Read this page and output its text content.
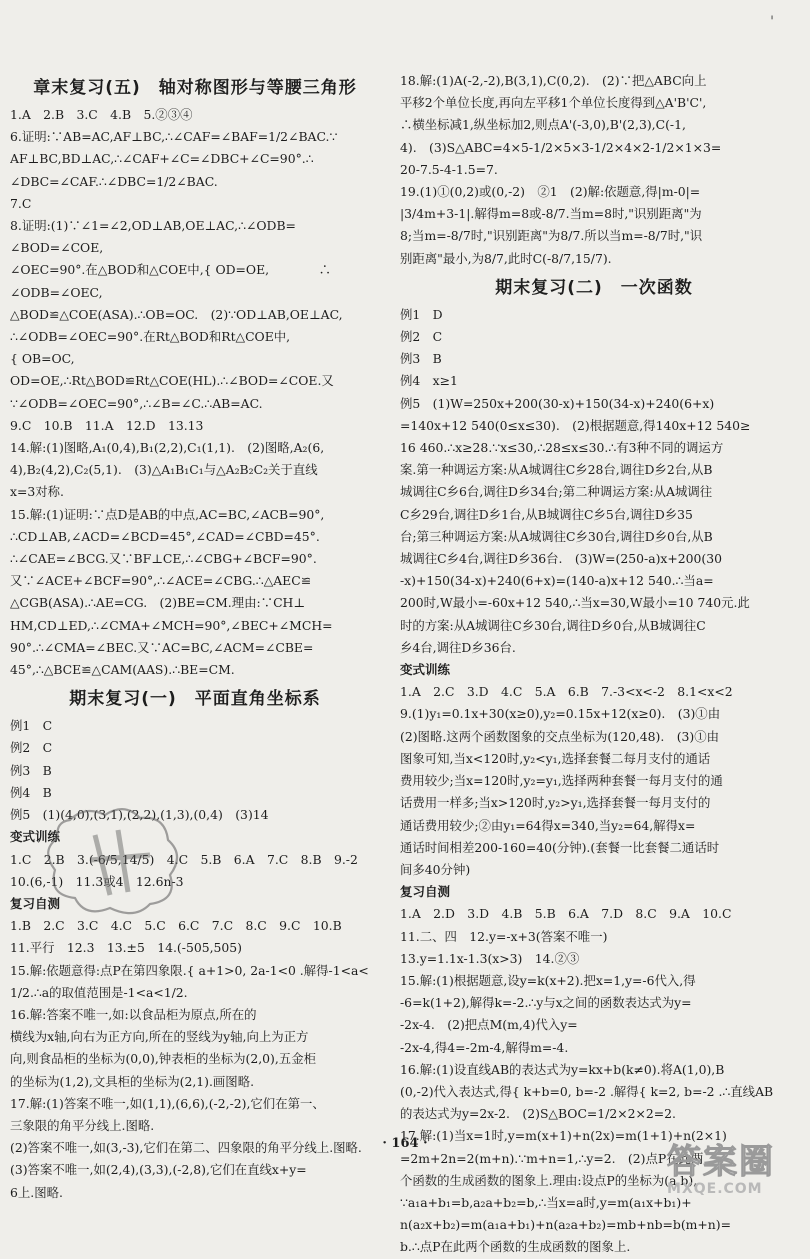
'
章末复习(五)　轴对称图形与等腰三角形
1.A　2.B　3.C　4.B　5.②③④
6.证明:∵AB=AC,AF⊥BC,∴∠CAF=∠BAF=1/2∠BAC.∵
AF⊥BC,BD⊥AC,∴∠CAF+∠C=∠DBC+∠C=90°.∴
∠DBC=∠CAF.∴∠DBC=1/2∠BAC.
7.C
8.证明:(1)∵∠1=∠2,OD⊥AB,OE⊥AC,∴∠ODB=
∠BOD=∠COE,
∠OEC=90°.在△BOD和△COE中,{ OD=OE,　　　　∴
∠ODB=∠OEC,
△BOD≌△COE(ASA).∴OB=OC.　(2)∵OD⊥AB,OE⊥AC,
∴∠ODB=∠OEC=90°.在Rt△BOD和Rt△COE中,
{ OB=OC,
OD=OE,∴Rt△BOD≌Rt△COE(HL).∴∠BOD=∠COE.又
∵∠ODB=∠OEC=90°,∴∠B=∠C.∴AB=AC.
9.C　10.B　11.A　12.D　13.13
14.解:(1)图略,A₁(0,4),B₁(2,2),C₁(1,1).　(2)图略,A₂(6,
4),B₂(4,2),C₂(5,1).　(3)△A₁B₁C₁与△A₂B₂C₂关于直线
x=3对称.
15.解:(1)证明:∵点D是AB的中点,AC=BC,∠ACB=90°,
∴CD⊥AB,∠ACD=∠BCD=45°,∠CAD=∠CBD=45°.
∴∠CAE=∠BCG.又∵BF⊥CE,∴∠CBG+∠BCF=90°.
又∵∠ACE+∠BCF=90°,∴∠ACE=∠CBG.∴△AEC≌
△CGB(ASA).∴AE=CG.　(2)BE=CM.理由:∵CH⊥
HM,CD⊥ED,∴∠CMA+∠MCH=90°,∠BEC+∠MCH=
90°.∴∠CMA=∠BEC.又∵AC=BC,∠ACM=∠CBE=
45°,∴△BCE≌△CAM(AAS).∴BE=CM.
期末复习(一)　平面直角坐标系
例1　C
例2　C
例3　B
例4　B
例5　(1)(4,0),(3,1),(2,2),(1,3),(0,4)　(3)14
变式训练
1.C　2.B　3.(-6/5,14/5)　4.C　5.B　6.A　7.C　8.B　9.-2
10.(6,-1)　11.3或4　12.6n-3
复习自测
1.B　2.C　3.C　4.C　5.C　6.C　7.C　8.C　9.C　10.B
11.平行　12.3　13.±5　14.(-505,505)
15.解:依题意得:点P在第四象限.{ a+1>0, 2a-1<0 .解得-1<a<
1/2.∴a的取值范围是-1<a<1/2.
16.解:答案不唯一,如:以食品柜为原点,所在的
横线为x轴,向右为正方向,所在的竖线为y轴,向上为正方
向,则食品柜的坐标为(0,0),钟表柜的坐标为(2,0),五金柜
的坐标为(1,2),文具柜的坐标为(2,1).画图略.
17.解:(1)答案不唯一,如(1,1),(6,6),(-2,-2),它们在第一、
三象限的角平分线上.图略.
(2)答案不唯一,如(3,-3),它们在第二、四象限的角平分线上.图略.
(3)答案不唯一,如(2,4),(3,3),(-2,8),它们在直线x+y=
6上.图略.
18.解:(1)A(-2,-2),B(3,1),C(0,2).　(2)∵把△ABC向上
平移2个单位长度,再向左平移1个单位长度得到△A'B'C',
∴横坐标减1,纵坐标加2,则点A'(-3,0),B'(2,3),C(-1,
4).　(3)S△ABC=4×5-1/2×5×3-1/2×4×2-1/2×1×3=
20-7.5-4-1.5=7.
19.(1)①(0,2)或(0,-2)　②1　(2)解:依题意,得|m-0|=
|3/4m+3-1|.解得m=8或-8/7.当m=8时,"识别距离"为
8;当m=-8/7时,"识别距离"为8/7.所以当m=-8/7时,"识
别距离"最小,为8/7,此时C(-8/7,15/7).
期末复习(二)　一次函数
例1　D
例2　C
例3　B
例4　x≥1
例5　(1)W=250x+200(30-x)+150(34-x)+240(6+x)
=140x+12 540(0≤x≤30).　(2)根据题意,得140x+12 540≥
16 460.∴x≥28.∵x≤30,∴28≤x≤30.∴有3种不同的调运方
案.第一种调运方案:从A城调往C乡28台,调往D乡2台,从B
城调往C乡6台,调往D乡34台;第二种调运方案:从A城调往
C乡29台,调往D乡1台,从B城调往C乡5台,调往D乡35
台;第三种调运方案:从A城调往C乡30台,调往D乡0台,从B
城调往C乡4台,调往D乡36台.　(3)W=(250-a)x+200(30
-x)+150(34-x)+240(6+x)=(140-a)x+12 540.∴当a=
200时,W最小=-60x+12 540,∴当x=30,W最小=10 740元.此
时的方案:从A城调往C乡30台,调往D乡0台,从B城调往C
乡4台,调往D乡36台.
变式训练
1.A　2.C　3.D　4.C　5.A　6.B　7.-3<x<-2　8.1<x<2
9.(1)y₁=0.1x+30(x≥0),y₂=0.15x+12(x≥0).　(3)①由
(2)图略.这两个函数图象的交点坐标为(120,48).　(3)①由
图象可知,当x<120时,y₂<y₁,选择套餐二每月支付的通话
费用较少;当x=120时,y₂=y₁,选择两种套餐一每月支付的通
话费用一样多;当x>120时,y₂>y₁,选择套餐一每月支付的
通话费用较少;②由y₁=64得x=340,当y₂=64,解得x=
通话时间相差200-160=40(分钟).(套餐一比套餐二通话时
间多40分钟)
复习自测
1.A　2.D　3.D　4.B　5.B　6.A　7.D　8.C　9.A　10.C
11.二、四　12.y=-x+3(答案不唯一)
13.y=1.1x-1.3(x>3)　14.②③
15.解:(1)根据题意,设y=k(x+2).把x=1,y=-6代入,得
-6=k(1+2),解得k=-2.∴y与x之间的函数表达式为y=
-2x-4.　(2)把点M(m,4)代入y=
-2x-4,得4=-2m-4,解得m=-4.
16.解:(1)设直线AB的表达式为y=kx+b(k≠0).将A(1,0),B
(0,-2)代入表达式,得{ k+b=0, b=-2 .解得{ k=2, b=-2 .∴直线AB
的表达式为y=2x-2.　(2)S△BOC=1/2×2×2=2.
17.解:(1)当x=1时,y=m(x+1)+n(2x)=m(1+1)+n(2×1)
=2m+2n=2(m+n).∵m+n=1,∴y=2.　(2)点P在此两
个函数的生成函数的图象上.理由:设点P的坐标为(a,b),
∵a₁a+b₁=b,a₂a+b₂=b,∴当x=a时,y=m(a₁x+b₁)+
n(a₂x+b₂)=m(a₁a+b₁)+n(a₂a+b₂)=mb+nb=b(m+n)=
b.∴点P在此两个函数的生成函数的图象上.
· 164 ·	答案圈
MXQE.COM
